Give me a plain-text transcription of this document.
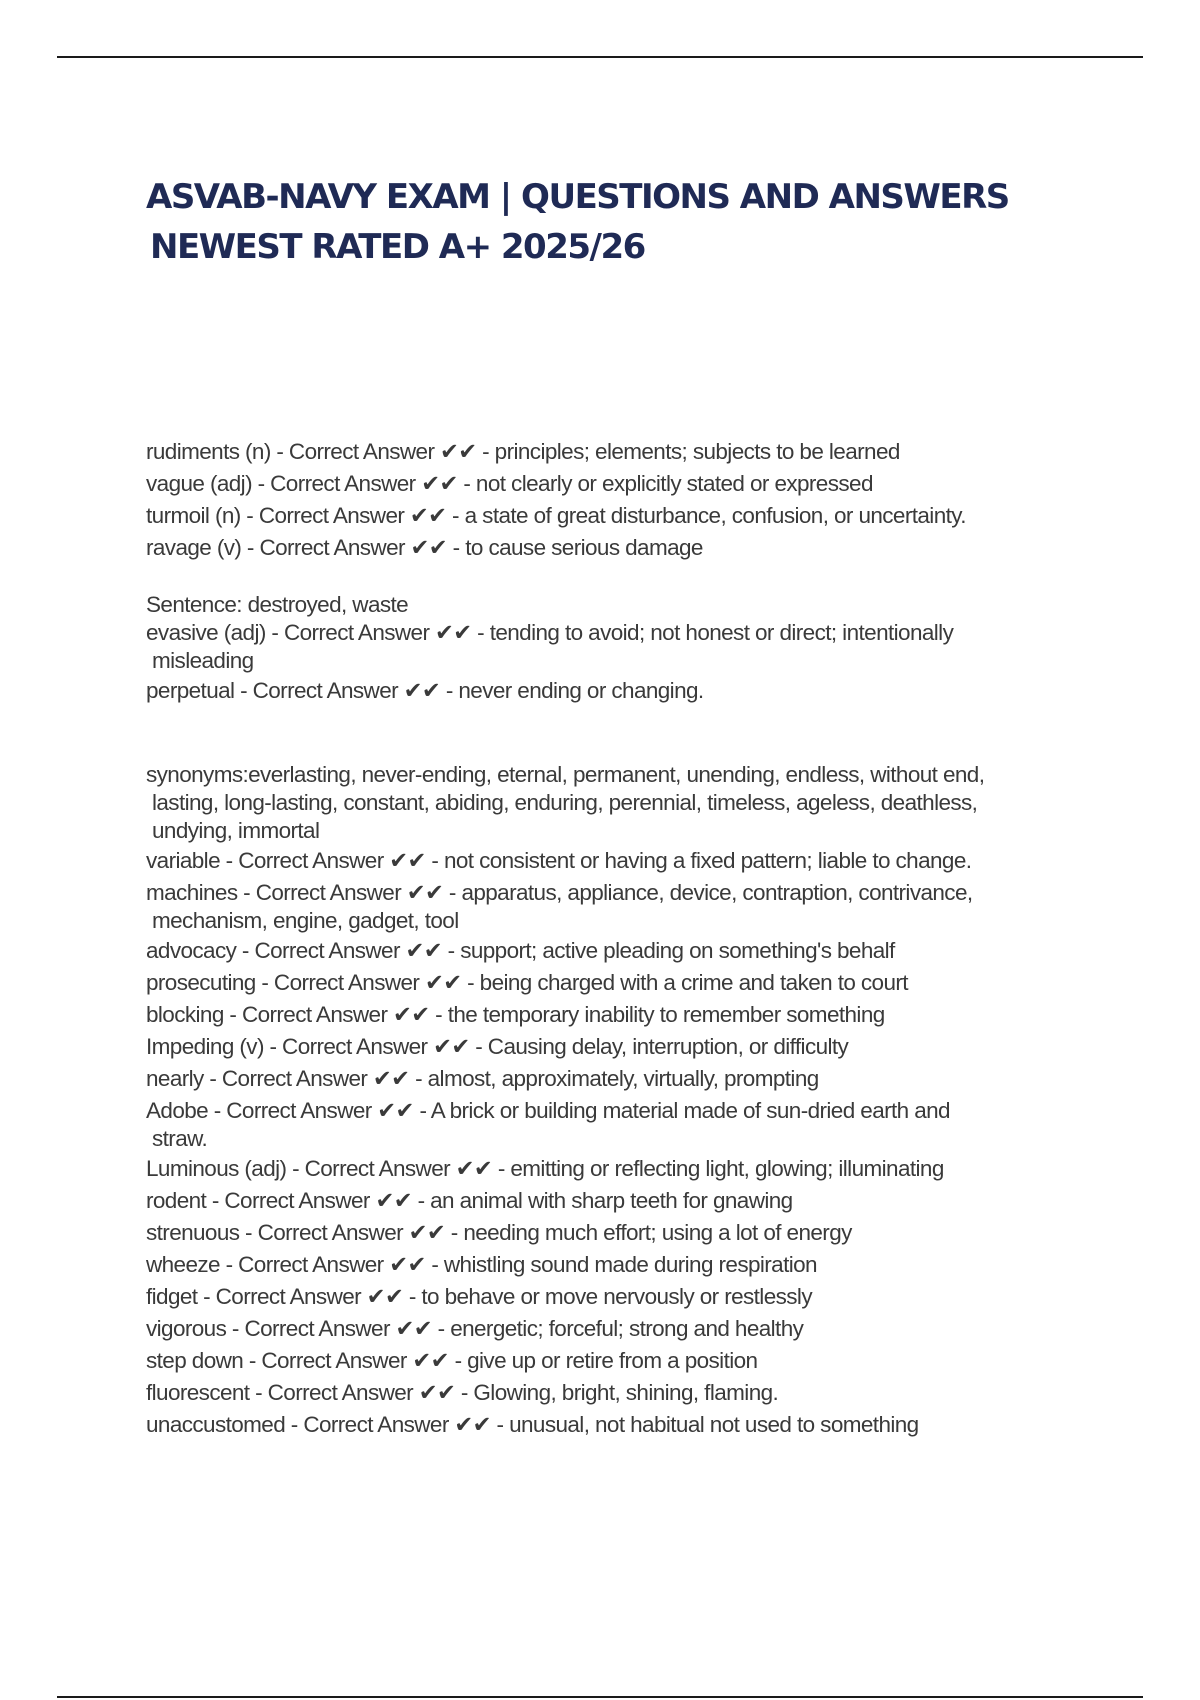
ASVAB-NAVY EXAM | QUESTIONS AND ANSWERS

NEWEST RATED A+ 2025/26

rudiments (n) - Correct Answer ✔✔ - principles; elements; subjects to be learned

vague (adj) - Correct Answer ✔✔ - not clearly or explicitly stated or expressed

turmoil (n) - Correct Answer ✔✔ - a state of great disturbance, confusion, or uncertainty.

ravage (v) - Correct Answer ✔✔ - to cause serious damage

Sentence: destroyed, waste

evasive (adj) - Correct Answer ✔✔ - tending to avoid; not honest or direct; intentionally
misleading

perpetual - Correct Answer ✔✔ - never ending or changing.

synonyms:everlasting, never-ending, eternal, permanent, unending, endless, without end,
lasting, long-lasting, constant, abiding, enduring, perennial, timeless, ageless, deathless,
undying, immortal

variable - Correct Answer ✔✔ - not consistent or having a fixed pattern; liable to change.

machines - Correct Answer ✔✔ - apparatus, appliance, device, contraption, contrivance,
mechanism, engine, gadget, tool

advocacy - Correct Answer ✔✔ - support; active pleading on something's behalf

prosecuting - Correct Answer ✔✔ - being charged with a crime and taken to court

blocking - Correct Answer ✔✔ - the temporary inability to remember something

Impeding (v) - Correct Answer ✔✔ - Causing delay, interruption, or difficulty

nearly - Correct Answer ✔✔ - almost, approximately, virtually, prompting

Adobe - Correct Answer ✔✔ - A brick or building material made of sun-dried earth and
straw.

Luminous (adj) - Correct Answer ✔✔ - emitting or reflecting light, glowing; illuminating

rodent - Correct Answer ✔✔ - an animal with sharp teeth for gnawing

strenuous - Correct Answer ✔✔ - needing much effort; using a lot of energy

wheeze - Correct Answer ✔✔ - whistling sound made during respiration

fidget - Correct Answer ✔✔ - to behave or move nervously or restlessly

vigorous - Correct Answer ✔✔ - energetic; forceful; strong and healthy

step down - Correct Answer ✔✔ - give up or retire from a position

fluorescent - Correct Answer ✔✔ - Glowing, bright, shining, flaming.

unaccustomed - Correct Answer ✔✔ - unusual, not habitual not used to something
